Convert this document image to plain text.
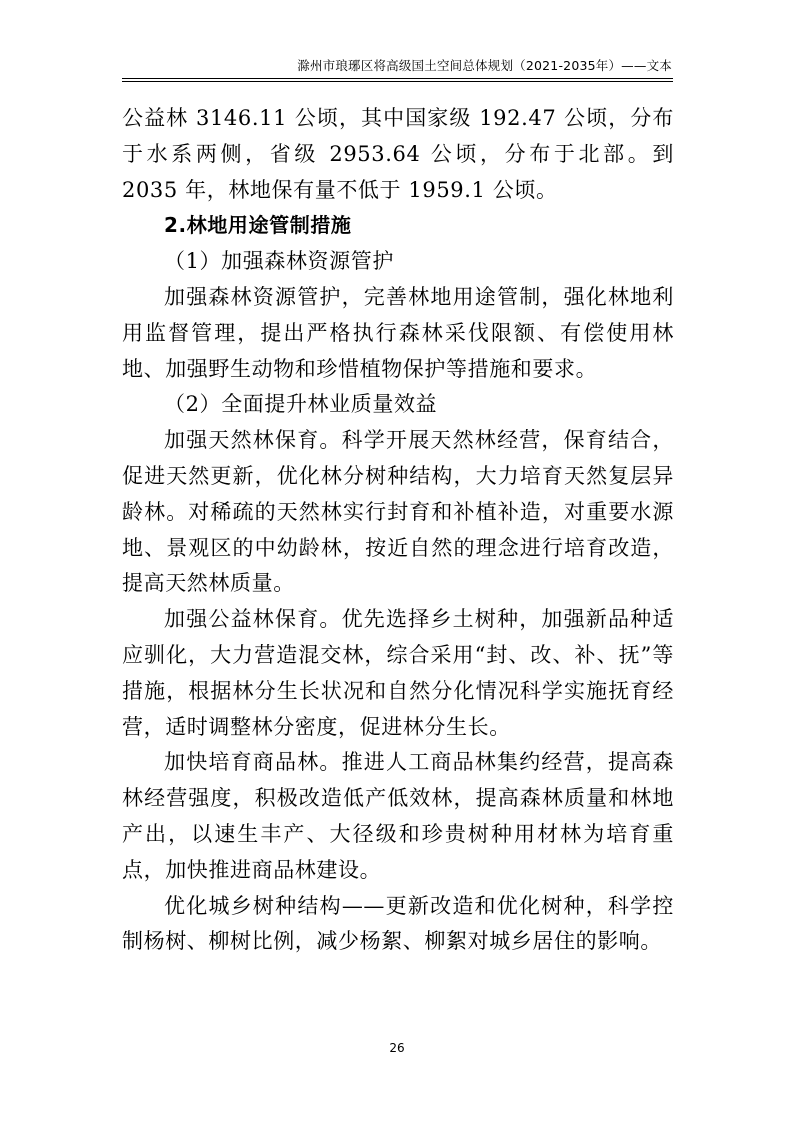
滁州市琅琊区将高级国土空间总体规划（2021-2035年）——文本

公益林 3146.11 公顷，其中国家级 192.47 公顷，分布于水系两侧，省级 2953.64 公顷，分布于北部。到 2035 年，林地保有量不低于 1959.1 公顷。

2.林地用途管制措施

（1）加强森林资源管护

加强森林资源管护，完善林地用途管制，强化林地利用监督管理，提出严格执行森林采伐限额、有偿使用林地、加强野生动物和珍惜植物保护等措施和要求。

（2）全面提升林业质量效益

加强天然林保育。科学开展天然林经营，保育结合，促进天然更新，优化林分树种结构，大力培育天然复层异龄林。对稀疏的天然林实行封育和补植补造，对重要水源地、景观区的中幼龄林，按近自然的理念进行培育改造，提高天然林质量。

加强公益林保育。优先选择乡土树种，加强新品种适应驯化，大力营造混交林，综合采用“封、改、补、抚”等措施，根据林分生长状况和自然分化情况科学实施抚育经营，适时调整林分密度，促进林分生长。

加快培育商品林。推进人工商品林集约经营，提高森林经营强度，积极改造低产低效林，提高森林质量和林地产出，以速生丰产、大径级和珍贵树种用材林为培育重点，加快推进商品林建设。

优化城乡树种结构——更新改造和优化树种，科学控制杨树、柳树比例，减少杨絮、柳絮对城乡居住的影响。

26
